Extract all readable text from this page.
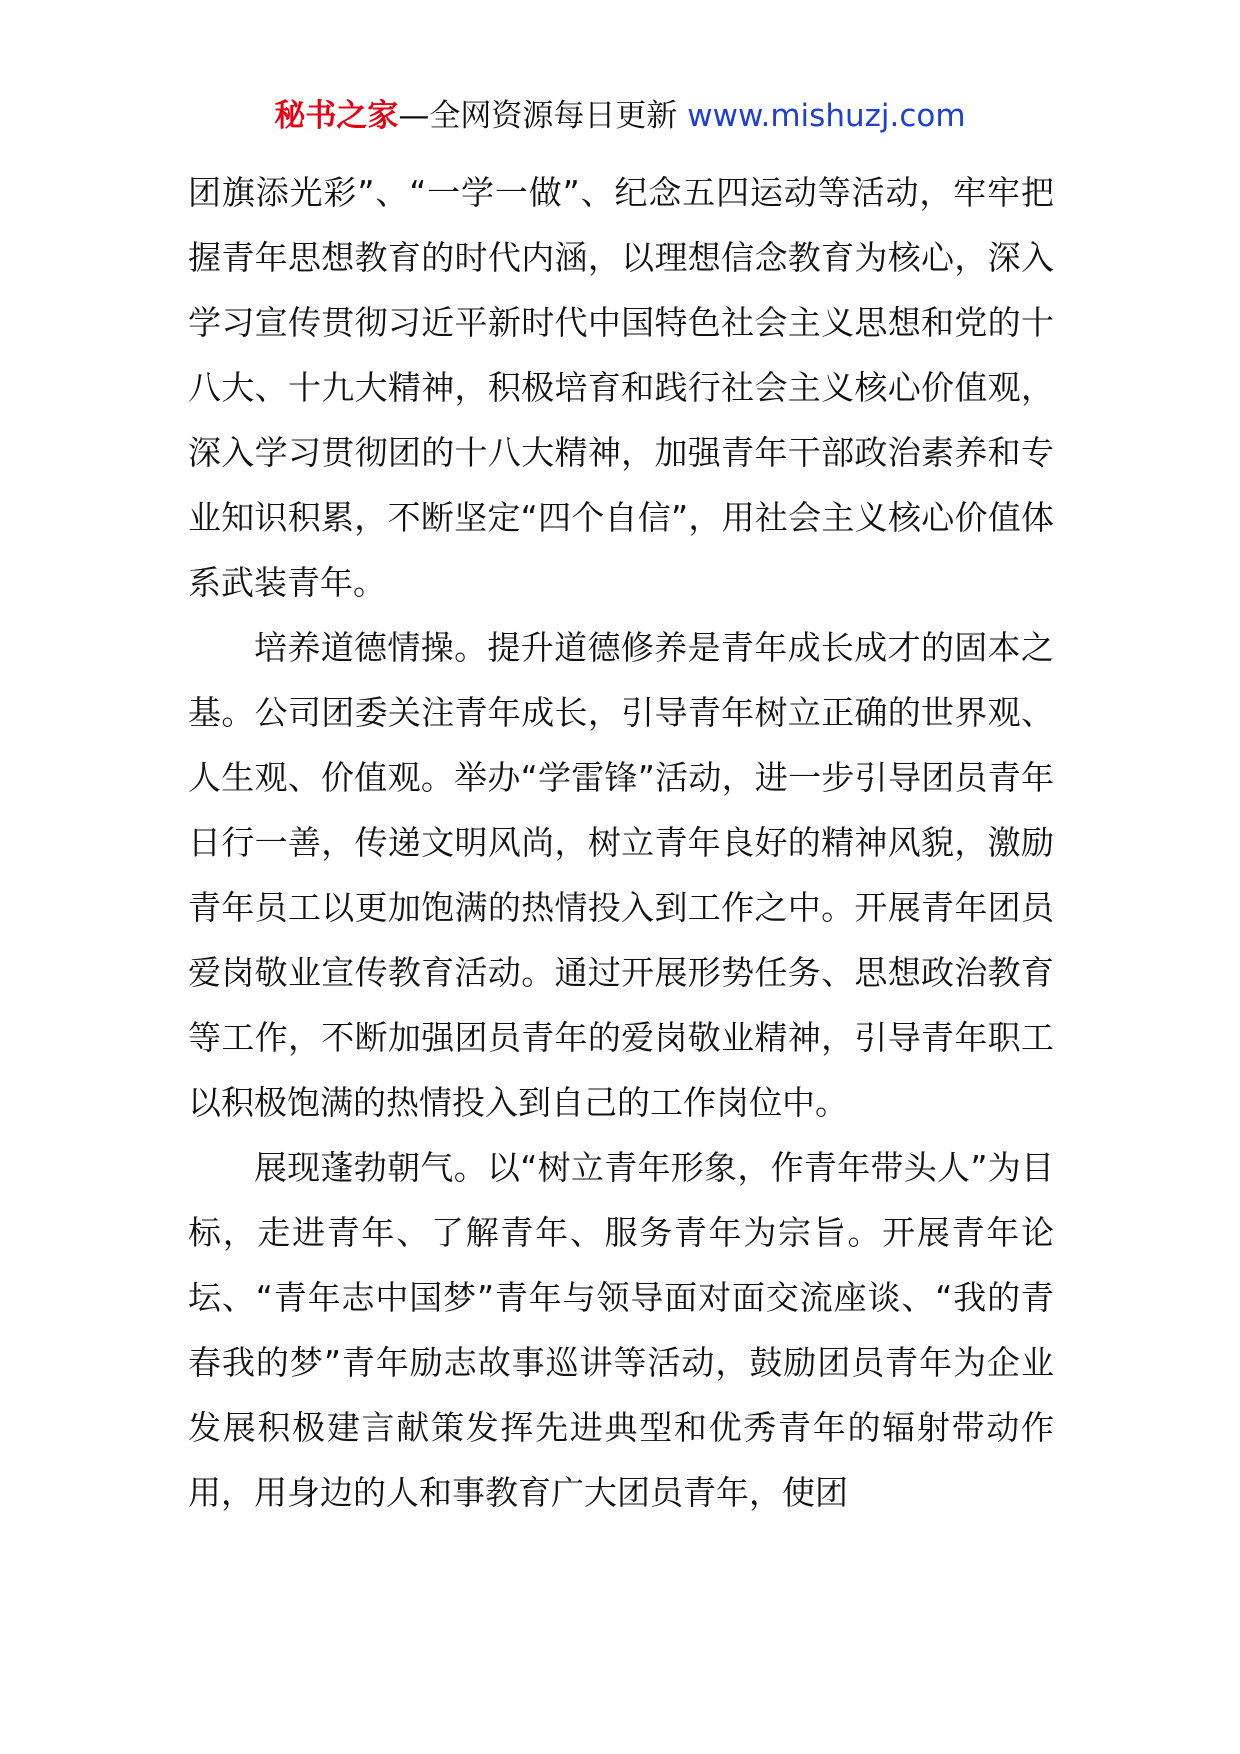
秘书之家—全网资源每日更新 www.mishuzj.com

团旗添光彩”、“一学一做”、纪念五四运动等活动，牢牢把握青年思想教育的时代内涵，以理想信念教育为核心，深入学习宣传贯彻习近平新时代中国特色社会主义思想和党的十八大、十九大精神，积极培育和践行社会主义核心价值观，深入学习贯彻团的十八大精神，加强青年干部政治素养和专业知识积累，不断坚定“四个自信”，用社会主义核心价值体系武装青年。

培养道德情操。提升道德修养是青年成长成才的固本之基。公司团委关注青年成长，引导青年树立正确的世界观、人生观、价值观。举办“学雷锋”活动，进一步引导团员青年日行一善，传递文明风尚，树立青年良好的精神风貌，激励青年员工以更加饱满的热情投入到工作之中。开展青年团员爱岗敬业宣传教育活动。通过开展形势任务、思想政治教育等工作，不断加强团员青年的爱岗敬业精神，引导青年职工以积极饱满的热情投入到自己的工作岗位中。

展现蓬勃朝气。以“树立青年形象，作青年带头人”为目标，走进青年、了解青年、服务青年为宗旨。开展青年论坛、“青年志中国梦”青年与领导面对面交流座谈、“我的青春我的梦”青年励志故事巡讲等活动，鼓励团员青年为企业发展积极建言献策发挥先进典型和优秀青年的辐射带动作用，用身边的人和事教育广大团员青年，使团
